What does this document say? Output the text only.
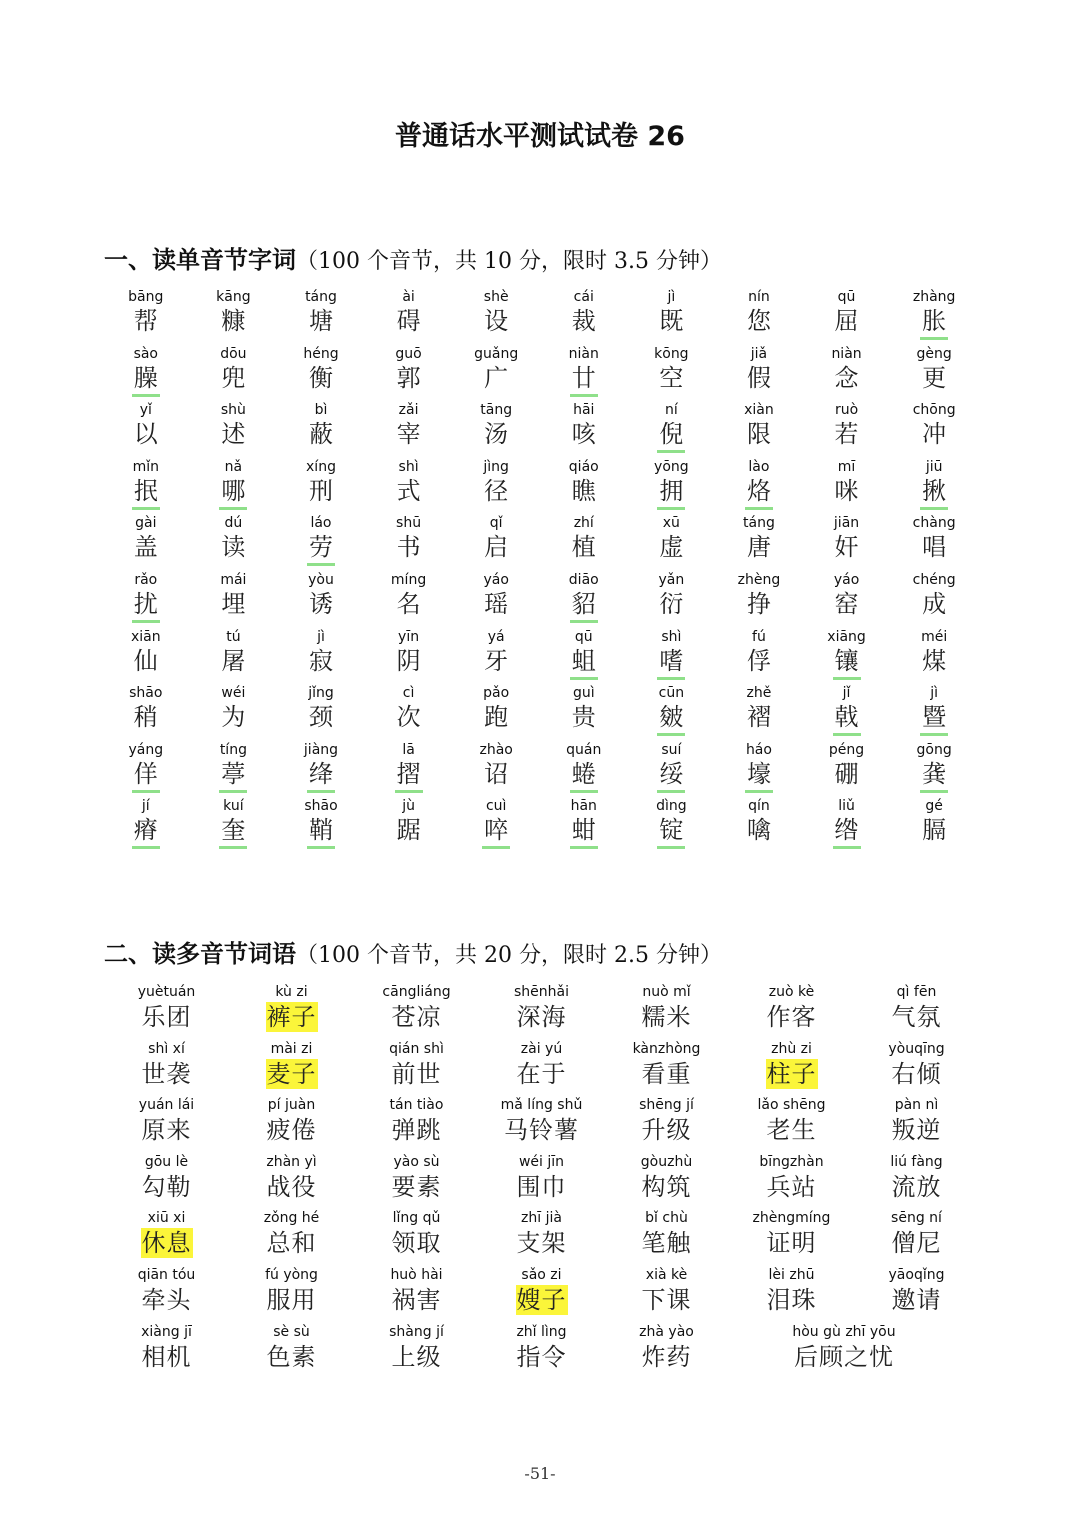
普通话水平测试试卷 26
一、读单音节字词（100 个音节，共 10 分，限时 3.5 分钟）
bāng
帮
kāng
糠
táng
塘
ài
碍
shè
设
cái
裁
jì
既
nín
您
qū
屈
zhàng
胀
sào
臊
dōu
兜
héng
衡
guō
郭
guǎng
广
niàn
廿
kōng
空
jiǎ
假
niàn
念
gèng
更
yǐ
以
shù
述
bì
蔽
zǎi
宰
tāng
汤
hāi
咳
ní
倪
xiàn
限
ruò
若
chōng
冲
mǐn
抿
nǎ
哪
xíng
刑
shì
式
jìng
径
qiáo
瞧
yōng
拥
lào
烙
mī
咪
jiū
揪
gài
盖
dú
读
láo
劳
shū
书
qǐ
启
zhí
植
xū
虚
táng
唐
jiān
奸
chàng
唱
rǎo
扰
mái
埋
yòu
诱
míng
名
yáo
瑶
diāo
貂
yǎn
衍
zhèng
挣
yáo
窑
chéng
成
xiān
仙
tú
屠
jì
寂
yīn
阴
yá
牙
qū
蛆
shì
嗜
fú
俘
xiāng
镶
méi
煤
shāo
稍
wéi
为
jǐng
颈
cì
次
pǎo
跑
guì
贵
cūn
皴
zhě
褶
jǐ
戟
jì
暨
yáng
佯
tíng
葶
jiàng
绛
lā
摺
zhào
诏
quán
蜷
suí
绥
háo
壕
péng
硼
gōng
龚
jí
瘠
kuí
奎
shāo
鞘
jù
踞
cuì
啐
hān
蚶
dìng
锭
qín
噙
liǔ
绺
gé
膈
二、读多音节词语（100 个音节，共 20 分，限时 2.5 分钟）
yuètuán
乐团
kù zi
裤子
cāngliáng
苍凉
shēnhǎi
深海
nuò mǐ
糯米
zuò kè
作客
qì fēn
气氛
shì xí
世袭
mài zi
麦子
qián shì
前世
zài yú
在于
kànzhòng
看重
zhù zi
柱子
yòuqīng
右倾
yuán lái
原来
pí juàn
疲倦
tán tiào
弹跳
mǎ líng shǔ
马铃薯
shēng jí
升级
lǎo shēng
老生
pàn nì
叛逆
gōu lè
勾勒
zhàn yì
战役
yào sù
要素
wéi jīn
围巾
gòuzhù
构筑
bīngzhàn
兵站
liú fàng
流放
xiū xi
休息
zǒng hé
总和
lǐng qǔ
领取
zhī jià
支架
bǐ chù
笔触
zhèngmíng
证明
sēng ní
僧尼
qiān tóu
牵头
fú yòng
服用
huò hài
祸害
sǎo zi
嫂子
xià kè
下课
lèi zhū
泪珠
yāoqǐng
邀请
xiàng jī
相机
sè sù
色素
shàng jí
上级
zhǐ lìng
指令
zhà yào
炸药
hòu gù zhī yōu
后顾之忧
-51-
